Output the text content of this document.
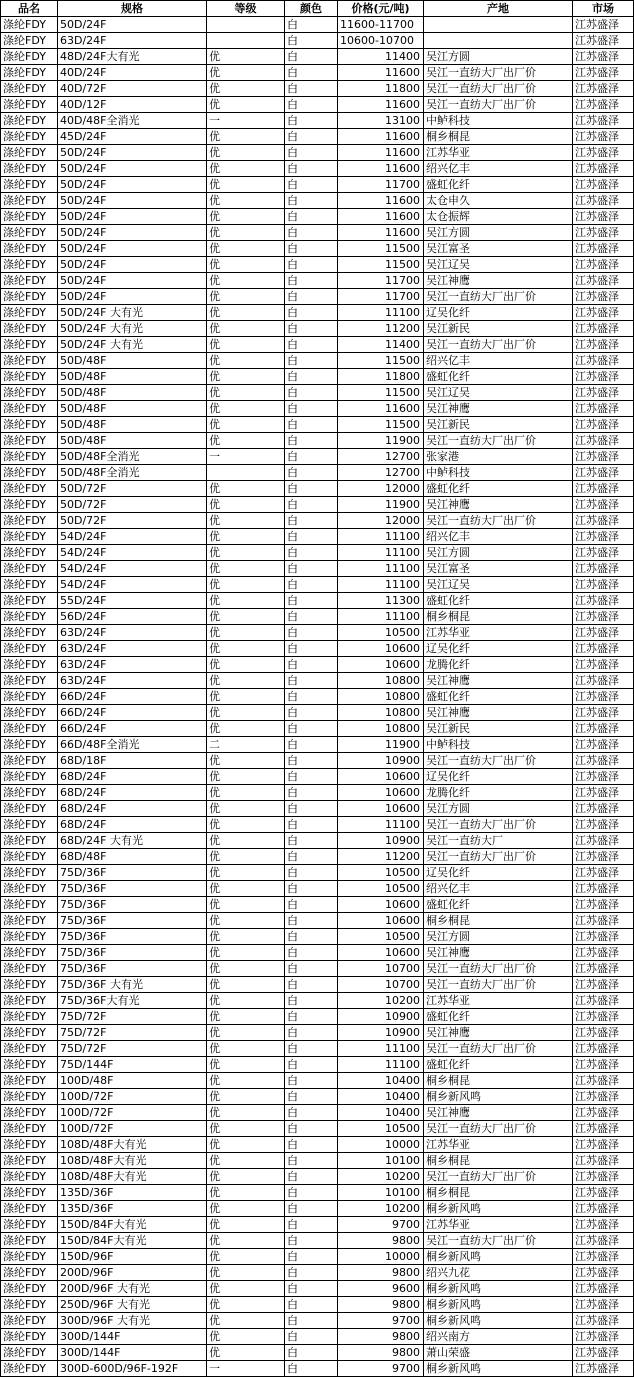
品名	规格	等级	颜色	价格(元/吨)	产地	市场
涤纶FDY	50D/24F		白	11600-11700		江苏盛泽
涤纶FDY	63D/24F		白	10600-10700		江苏盛泽
涤纶FDY	48D/24F大有光	优	白	11400	吴江方圆	江苏盛泽
涤纶FDY	40D/24F	优	白	11600	吴江一直纺大厂出厂价	江苏盛泽
涤纶FDY	40D/72F	优	白	11800	吴江一直纺大厂出厂价	江苏盛泽
涤纶FDY	40D/12F	优	白	11600	吴江一直纺大厂出厂价	江苏盛泽
涤纶FDY	40D/48F全消光	一	白	13100	中鲈科技	江苏盛泽
涤纶FDY	45D/24F	优	白	11600	桐乡桐昆	江苏盛泽
涤纶FDY	50D/24F	优	白	11600	江苏华亚	江苏盛泽
涤纶FDY	50D/24F	优	白	11600	绍兴亿丰	江苏盛泽
涤纶FDY	50D/24F	优	白	11700	盛虹化纤	江苏盛泽
涤纶FDY	50D/24F	优	白	11600	太仓申久	江苏盛泽
涤纶FDY	50D/24F	优	白	11600	太仓振辉	江苏盛泽
涤纶FDY	50D/24F	优	白	11600	吴江方圆	江苏盛泽
涤纶FDY	50D/24F	优	白	11500	吴江富圣	江苏盛泽
涤纶FDY	50D/24F	优	白	11500	吴江辽吴	江苏盛泽
涤纶FDY	50D/24F	优	白	11700	吴江神鹰	江苏盛泽
涤纶FDY	50D/24F	优	白	11700	吴江一直纺大厂出厂价	江苏盛泽
涤纶FDY	50D/24F 大有光	优	白	11100	辽吴化纤	江苏盛泽
涤纶FDY	50D/24F 大有光	优	白	11200	吴江新民	江苏盛泽
涤纶FDY	50D/24F 大有光	优	白	11400	吴江一直纺大厂出厂价	江苏盛泽
涤纶FDY	50D/48F	优	白	11500	绍兴亿丰	江苏盛泽
涤纶FDY	50D/48F	优	白	11800	盛虹化纤	江苏盛泽
涤纶FDY	50D/48F	优	白	11500	吴江辽吴	江苏盛泽
涤纶FDY	50D/48F	优	白	11600	吴江神鹰	江苏盛泽
涤纶FDY	50D/48F	优	白	11500	吴江新民	江苏盛泽
涤纶FDY	50D/48F	优	白	11900	吴江一直纺大厂出厂价	江苏盛泽
涤纶FDY	50D/48F全消光	一	白	12700	张家港	江苏盛泽
涤纶FDY	50D/48F全消光		白	12700	中鲈科技	江苏盛泽
涤纶FDY	50D/72F	优	白	12000	盛虹化纤	江苏盛泽
涤纶FDY	50D/72F	优	白	11900	吴江神鹰	江苏盛泽
涤纶FDY	50D/72F	优	白	12000	吴江一直纺大厂出厂价	江苏盛泽
涤纶FDY	54D/24F	优	白	11100	绍兴亿丰	江苏盛泽
涤纶FDY	54D/24F	优	白	11100	吴江方圆	江苏盛泽
涤纶FDY	54D/24F	优	白	11100	吴江富圣	江苏盛泽
涤纶FDY	54D/24F	优	白	11100	吴江辽吴	江苏盛泽
涤纶FDY	55D/24F	优	白	11300	盛虹化纤	江苏盛泽
涤纶FDY	56D/24F	优	白	11100	桐乡桐昆	江苏盛泽
涤纶FDY	63D/24F	优	白	10500	江苏华亚	江苏盛泽
涤纶FDY	63D/24F	优	白	10600	辽吴化纤	江苏盛泽
涤纶FDY	63D/24F	优	白	10600	龙腾化纤	江苏盛泽
涤纶FDY	63D/24F	优	白	10800	吴江神鹰	江苏盛泽
涤纶FDY	66D/24F	优	白	10800	盛虹化纤	江苏盛泽
涤纶FDY	66D/24F	优	白	10800	吴江神鹰	江苏盛泽
涤纶FDY	66D/24F	优	白	10800	吴江新民	江苏盛泽
涤纶FDY	66D/48F全消光	二	白	11900	中鲈科技	江苏盛泽
涤纶FDY	68D/18F	优	白	10900	吴江一直纺大厂出厂价	江苏盛泽
涤纶FDY	68D/24F	优	白	10600	辽吴化纤	江苏盛泽
涤纶FDY	68D/24F	优	白	10600	龙腾化纤	江苏盛泽
涤纶FDY	68D/24F	优	白	10600	吴江方圆	江苏盛泽
涤纶FDY	68D/24F	优	白	11100	吴江一直纺大厂出厂价	江苏盛泽
涤纶FDY	68D/24F 大有光	优	白	10900	吴江一直纺大厂	江苏盛泽
涤纶FDY	68D/48F	优	白	11200	吴江一直纺大厂出厂价	江苏盛泽
涤纶FDY	75D/36F	优	白	10500	辽吴化纤	江苏盛泽
涤纶FDY	75D/36F	优	白	10500	绍兴亿丰	江苏盛泽
涤纶FDY	75D/36F	优	白	10600	盛虹化纤	江苏盛泽
涤纶FDY	75D/36F	优	白	10600	桐乡桐昆	江苏盛泽
涤纶FDY	75D/36F	优	白	10500	吴江方圆	江苏盛泽
涤纶FDY	75D/36F	优	白	10600	吴江神鹰	江苏盛泽
涤纶FDY	75D/36F	优	白	10700	吴江一直纺大厂出厂价	江苏盛泽
涤纶FDY	75D/36F 大有光	优	白	10700	吴江一直纺大厂出厂价	江苏盛泽
涤纶FDY	75D/36F大有光	优	白	10200	江苏华亚	江苏盛泽
涤纶FDY	75D/72F	优	白	10900	盛虹化纤	江苏盛泽
涤纶FDY	75D/72F	优	白	10900	吴江神鹰	江苏盛泽
涤纶FDY	75D/72F	优	白	11100	吴江一直纺大厂出厂价	江苏盛泽
涤纶FDY	75D/144F	优	白	11100	盛虹化纤	江苏盛泽
涤纶FDY	100D/48F	优	白	10400	桐乡桐昆	江苏盛泽
涤纶FDY	100D/72F	优	白	10400	桐乡新风鸣	江苏盛泽
涤纶FDY	100D/72F	优	白	10400	吴江神鹰	江苏盛泽
涤纶FDY	100D/72F	优	白	10500	吴江一直纺大厂出厂价	江苏盛泽
涤纶FDY	108D/48F大有光	优	白	10000	江苏华亚	江苏盛泽
涤纶FDY	108D/48F大有光	优	白	10100	桐乡桐昆	江苏盛泽
涤纶FDY	108D/48F大有光	优	白	10200	吴江一直纺大厂出厂价	江苏盛泽
涤纶FDY	135D/36F	优	白	10100	桐乡桐昆	江苏盛泽
涤纶FDY	135D/36F	优	白	10200	桐乡新风鸣	江苏盛泽
涤纶FDY	150D/84F大有光	优	白	9700	江苏华亚	江苏盛泽
涤纶FDY	150D/84F大有光	优	白	9800	吴江一直纺大厂出厂价	江苏盛泽
涤纶FDY	150D/96F	优	白	10000	桐乡新风鸣	江苏盛泽
涤纶FDY	200D/96F	优	白	9800	绍兴九花	江苏盛泽
涤纶FDY	200D/96F 大有光	优	白	9600	桐乡新风鸣	江苏盛泽
涤纶FDY	250D/96F 大有光	优	白	9800	桐乡新风鸣	江苏盛泽
涤纶FDY	300D/96F 大有光	优	白	9700	桐乡新风鸣	江苏盛泽
涤纶FDY	300D/144F	优	白	9800	绍兴南方	江苏盛泽
涤纶FDY	300D/144F	优	白	9800	萧山荣盛	江苏盛泽
涤纶FDY	300D-600D/96F-192F	一	白	9700	桐乡新风鸣	江苏盛泽
